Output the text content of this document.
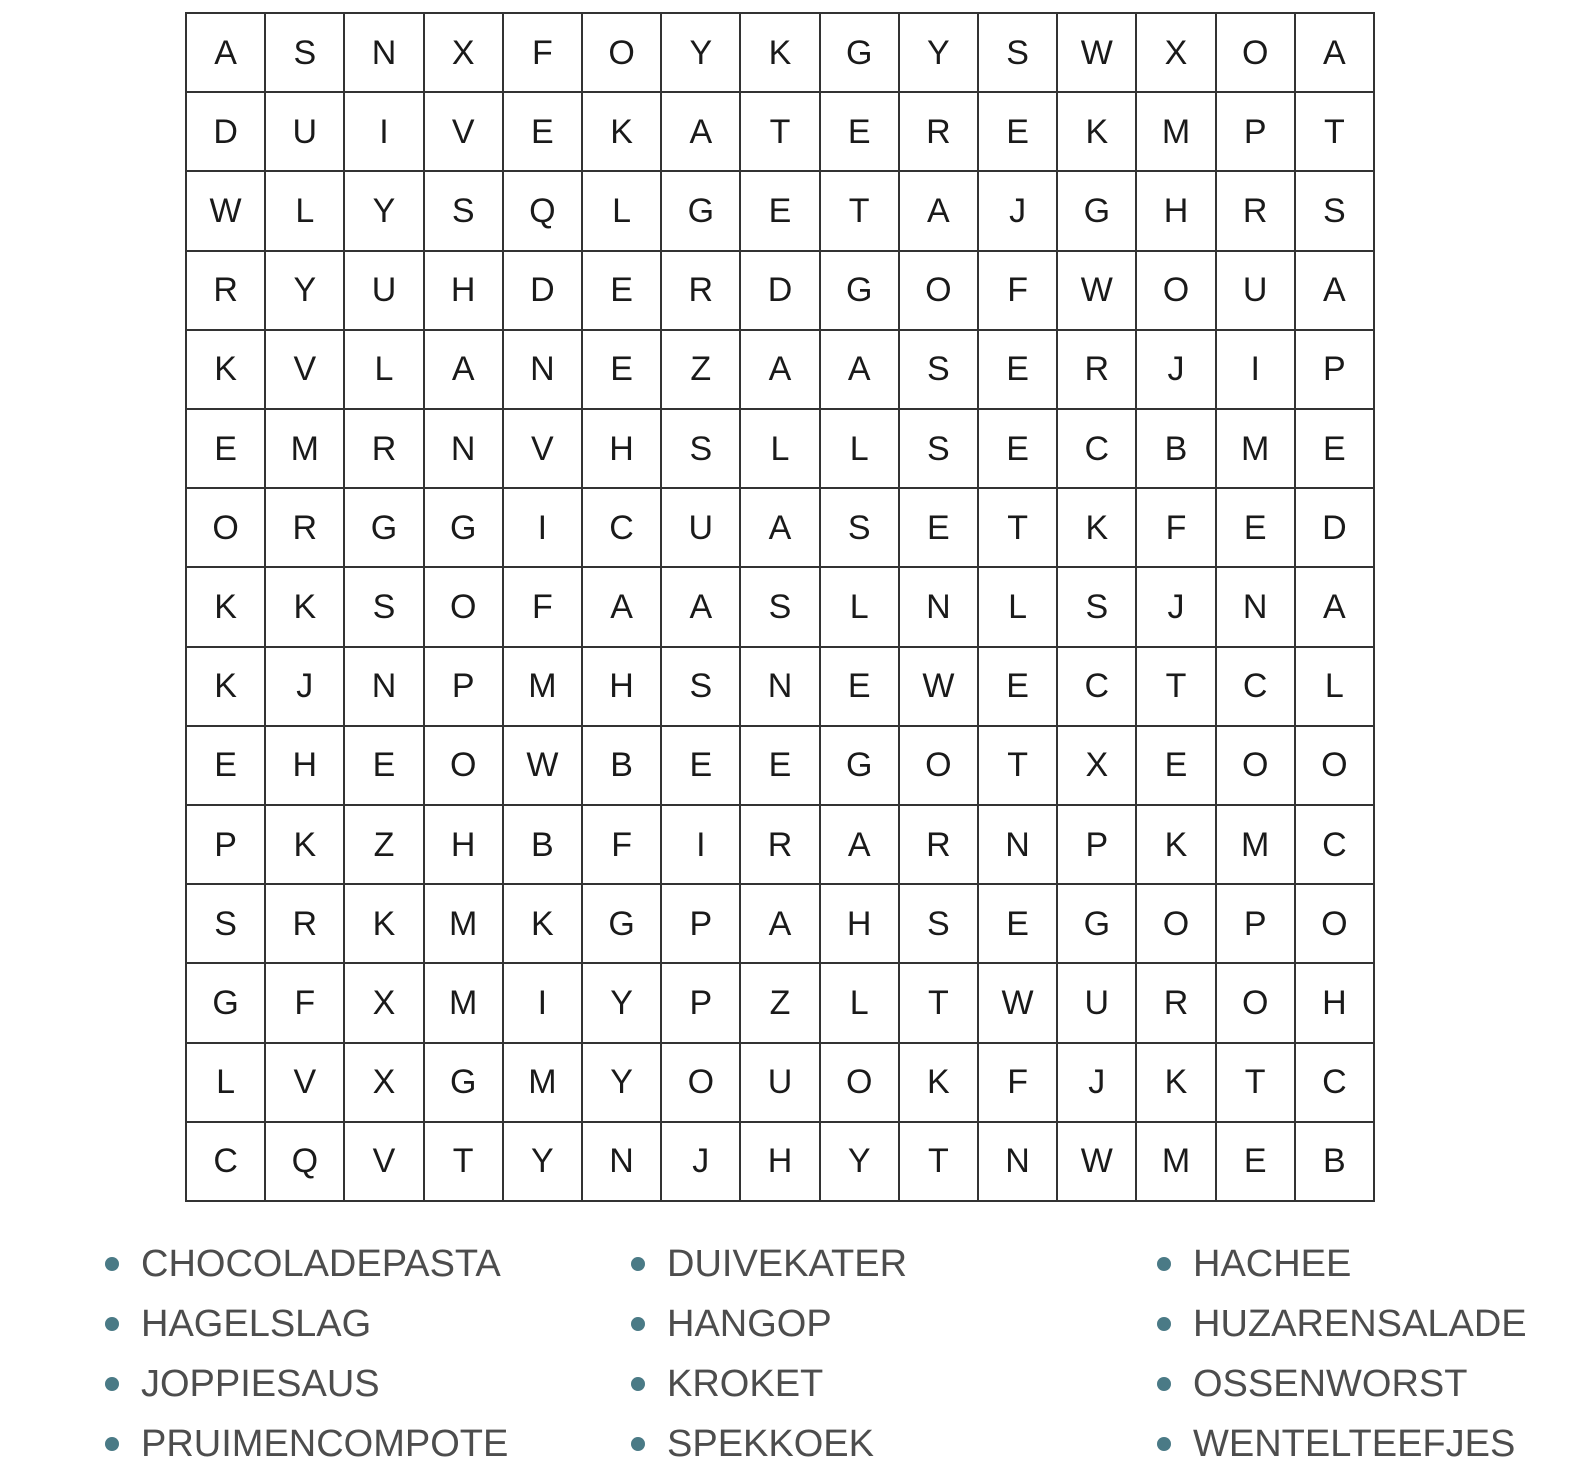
A	S	N	X	F	O	Y	K	G	Y	S	W	X	O	A
D	U	I	V	E	K	A	T	E	R	E	K	M	P	T
W	L	Y	S	Q	L	G	E	T	A	J	G	H	R	S
R	Y	U	H	D	E	R	D	G	O	F	W	O	U	A
K	V	L	A	N	E	Z	A	A	S	E	R	J	I	P
E	M	R	N	V	H	S	L	L	S	E	C	B	M	E
O	R	G	G	I	C	U	A	S	E	T	K	F	E	D
K	K	S	O	F	A	A	S	L	N	L	S	J	N	A
K	J	N	P	M	H	S	N	E	W	E	C	T	C	L
E	H	E	O	W	B	E	E	G	O	T	X	E	O	O
P	K	Z	H	B	F	I	R	A	R	N	P	K	M	C
S	R	K	M	K	G	P	A	H	S	E	G	O	P	O
G	F	X	M	I	Y	P	Z	L	T	W	U	R	O	H
L	V	X	G	M	Y	O	U	O	K	F	J	K	T	C
C	Q	V	T	Y	N	J	H	Y	T	N	W	M	E	B
CHOCOLADEPASTA	DUIVEKATER	HACHEE
HAGELSLAG	HANGOP	HUZARENSALADE
JOPPIESAUS	KROKET	OSSENWORST
PRUIMENCOMPOTE	SPEKKOEK	WENTELTEEFJES
